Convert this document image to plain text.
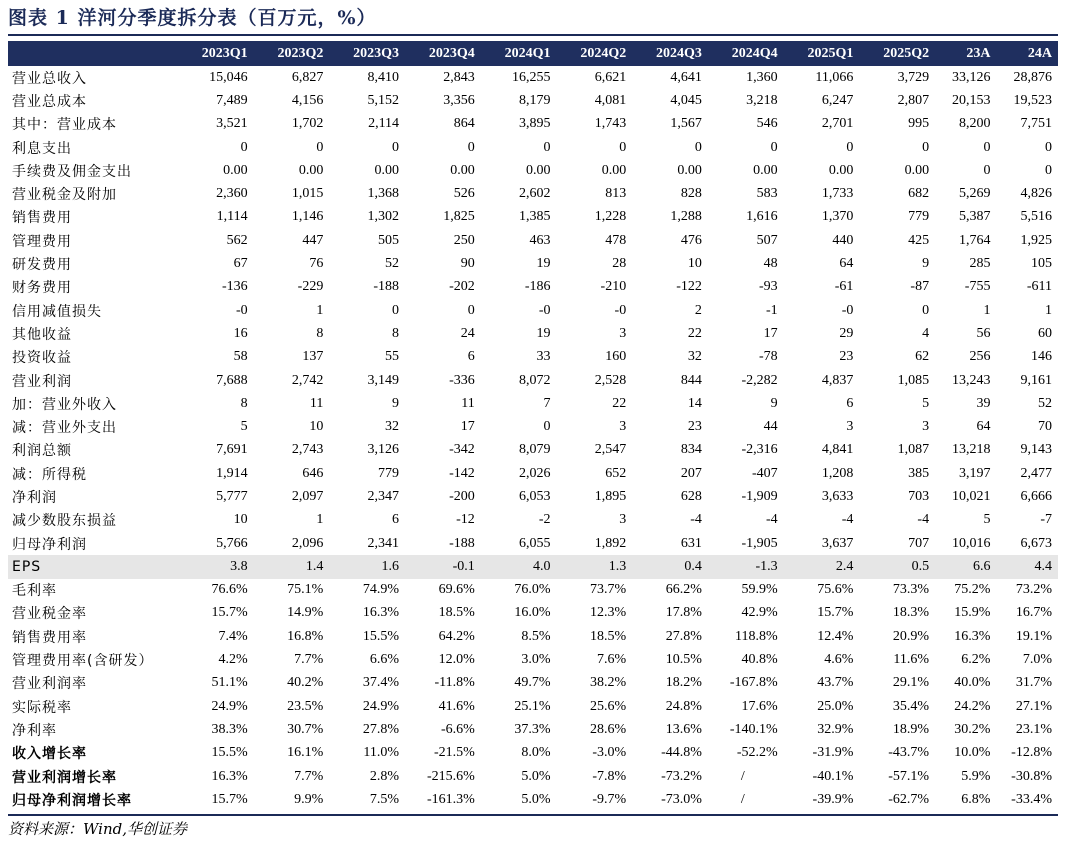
图表 1 洋河分季度拆分表（百万元，%）
	2023Q1	2023Q2	2023Q3	2023Q4	2024Q1	2024Q2	2024Q3	2024Q4	2025Q1	2025Q2	23A	24A
营业总收入	15,046	6,827	8,410	2,843	16,255	6,621	4,641	1,360	11,066	3,729	33,126	28,876
营业总成本	7,489	4,156	5,152	3,356	8,179	4,081	4,045	3,218	6,247	2,807	20,153	19,523
其中：营业成本	3,521	1,702	2,114	864	3,895	1,743	1,567	546	2,701	995	8,200	7,751
利息支出	0	0	0	0	0	0	0	0	0	0	0	0
手续费及佣金支出	0.00	0.00	0.00	0.00	0.00	0.00	0.00	0.00	0.00	0.00	0	0
营业税金及附加	2,360	1,015	1,368	526	2,602	813	828	583	1,733	682	5,269	4,826
销售费用	1,114	1,146	1,302	1,825	1,385	1,228	1,288	1,616	1,370	779	5,387	5,516
管理费用	562	447	505	250	463	478	476	507	440	425	1,764	1,925
研发费用	67	76	52	90	19	28	10	48	64	9	285	105
财务费用	-136	-229	-188	-202	-186	-210	-122	-93	-61	-87	-755	-611
信用减值损失	-0	1	0	0	-0	-0	2	-1	-0	0	1	1
其他收益	16	8	8	24	19	3	22	17	29	4	56	60
投资收益	58	137	55	6	33	160	32	-78	23	62	256	146
营业利润	7,688	2,742	3,149	-336	8,072	2,528	844	-2,282	4,837	1,085	13,243	9,161
加：营业外收入	8	11	9	11	7	22	14	9	6	5	39	52
减：营业外支出	5	10	32	17	0	3	23	44	3	3	64	70
利润总额	7,691	2,743	3,126	-342	8,079	2,547	834	-2,316	4,841	1,087	13,218	9,143
减：所得税	1,914	646	779	-142	2,026	652	207	-407	1,208	385	3,197	2,477
净利润	5,777	2,097	2,347	-200	6,053	1,895	628	-1,909	3,633	703	10,021	6,666
减少数股东损益	10	1	6	-12	-2	3	-4	-4	-4	-4	5	-7
归母净利润	5,766	2,096	2,341	-188	6,055	1,892	631	-1,905	3,637	707	10,016	6,673
EPS	3.8	1.4	1.6	-0.1	4.0	1.3	0.4	-1.3	2.4	0.5	6.6	4.4
毛利率	76.6%	75.1%	74.9%	69.6%	76.0%	73.7%	66.2%	59.9%	75.6%	73.3%	75.2%	73.2%
营业税金率	15.7%	14.9%	16.3%	18.5%	16.0%	12.3%	17.8%	42.9%	15.7%	18.3%	15.9%	16.7%
销售费用率	7.4%	16.8%	15.5%	64.2%	8.5%	18.5%	27.8%	118.8%	12.4%	20.9%	16.3%	19.1%
管理费用率(含研发）	4.2%	7.7%	6.6%	12.0%	3.0%	7.6%	10.5%	40.8%	4.6%	11.6%	6.2%	7.0%
营业利润率	51.1%	40.2%	37.4%	-11.8%	49.7%	38.2%	18.2%	-167.8%	43.7%	29.1%	40.0%	31.7%
实际税率	24.9%	23.5%	24.9%	41.6%	25.1%	25.6%	24.8%	17.6%	25.0%	35.4%	24.2%	27.1%
净利率	38.3%	30.7%	27.8%	-6.6%	37.3%	28.6%	13.6%	-140.1%	32.9%	18.9%	30.2%	23.1%
收入增长率	15.5%	16.1%	11.0%	-21.5%	8.0%	-3.0%	-44.8%	-52.2%	-31.9%	-43.7%	10.0%	-12.8%
营业利润增长率	16.3%	7.7%	2.8%	-215.6%	5.0%	-7.8%	-73.2%	/	-40.1%	-57.1%	5.9%	-30.8%
归母净利润增长率	15.7%	9.9%	7.5%	-161.3%	5.0%	-9.7%	-73.0%	/	-39.9%	-62.7%	6.8%	-33.4%
资料来源：Wind,华创证券
